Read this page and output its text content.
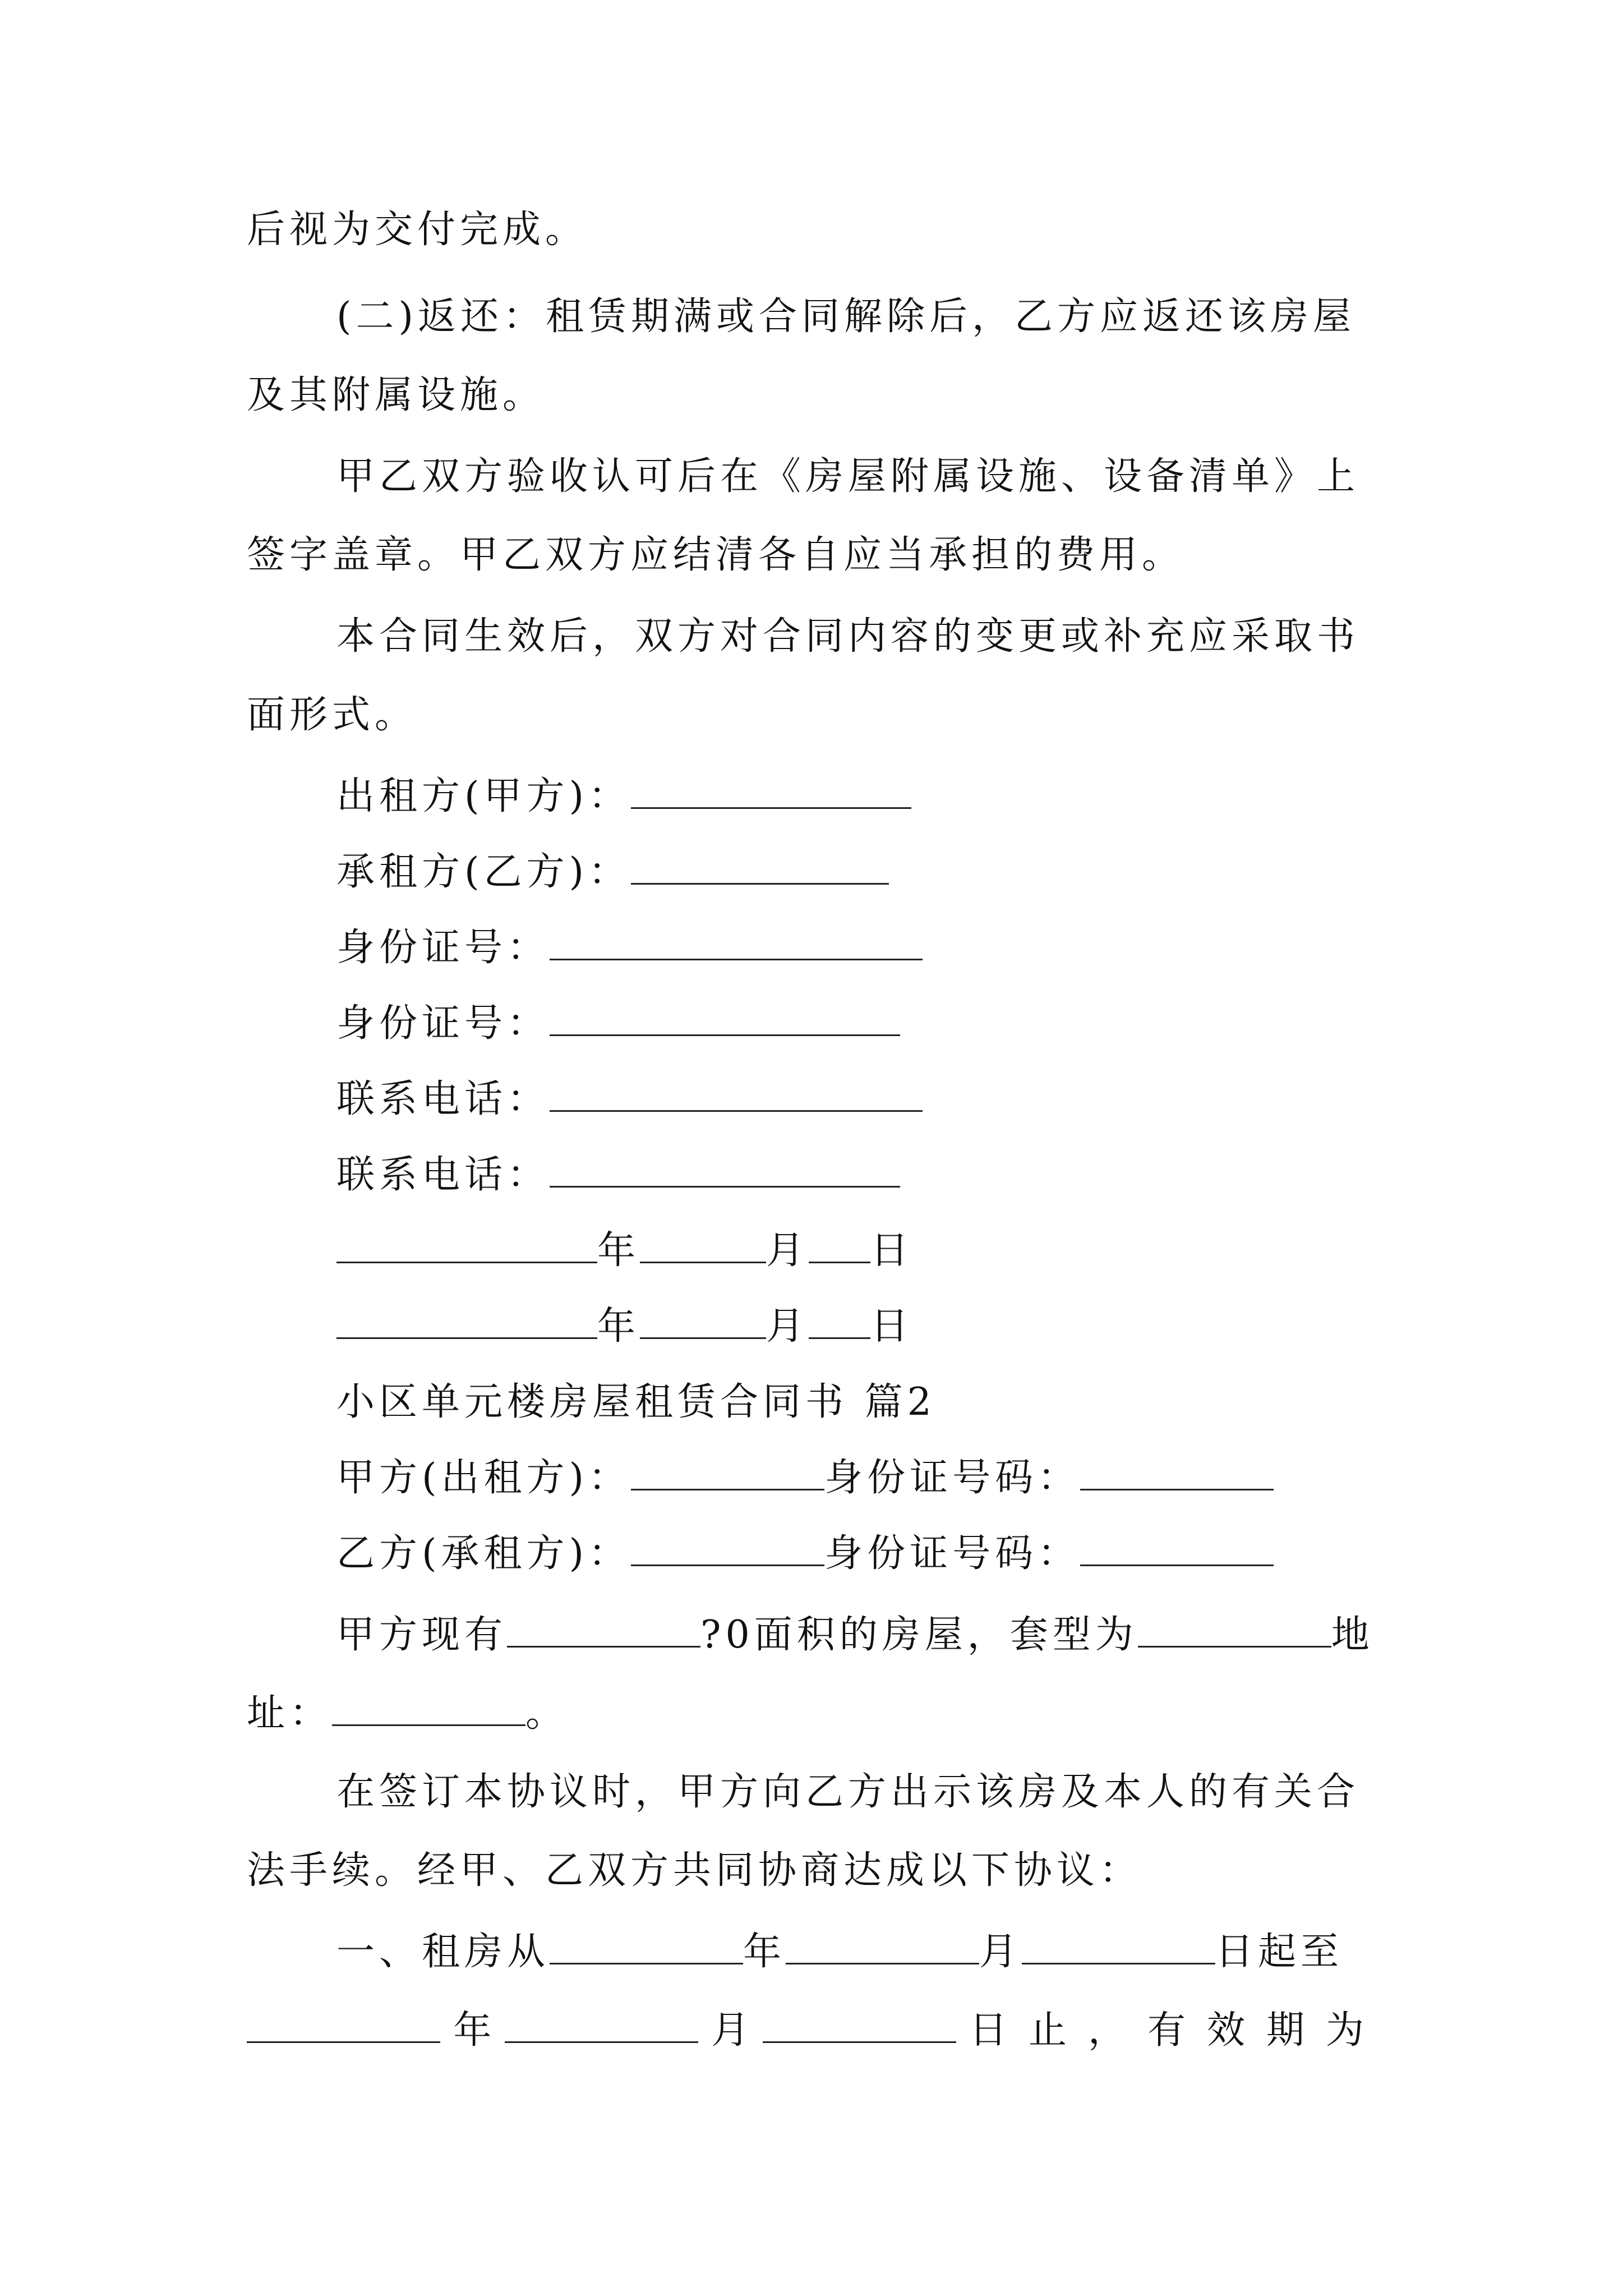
后视为交付完成。
(二)返还：租赁期满或合同解除后，乙方应返还该房屋
及其附属设施。
甲乙双方验收认可后在《房屋附属设施、设备清单》上
签字盖章。甲乙双方应结清各自应当承担的费用。
本合同生效后，双方对合同内容的变更或补充应采取书
面形式。
出租方(甲方)：
承租方(乙方)：
身份证号：
身份证号：
联系电话：
联系电话：
年	月 日
年	月 日
小区单元楼房屋租赁合同书 篇2
甲方(出租方)：	身份证号码：
乙方(承租方)：	身份证号码：
甲方现有	?0面积的房屋，套型为	地
址：	。
在签订本协议时，甲方向乙方出示该房及本人的有关合
法手续。经甲、乙双方共同协商达成以下协议：
一、租房从	年	月	日起至
年	月	日止，有效期为
